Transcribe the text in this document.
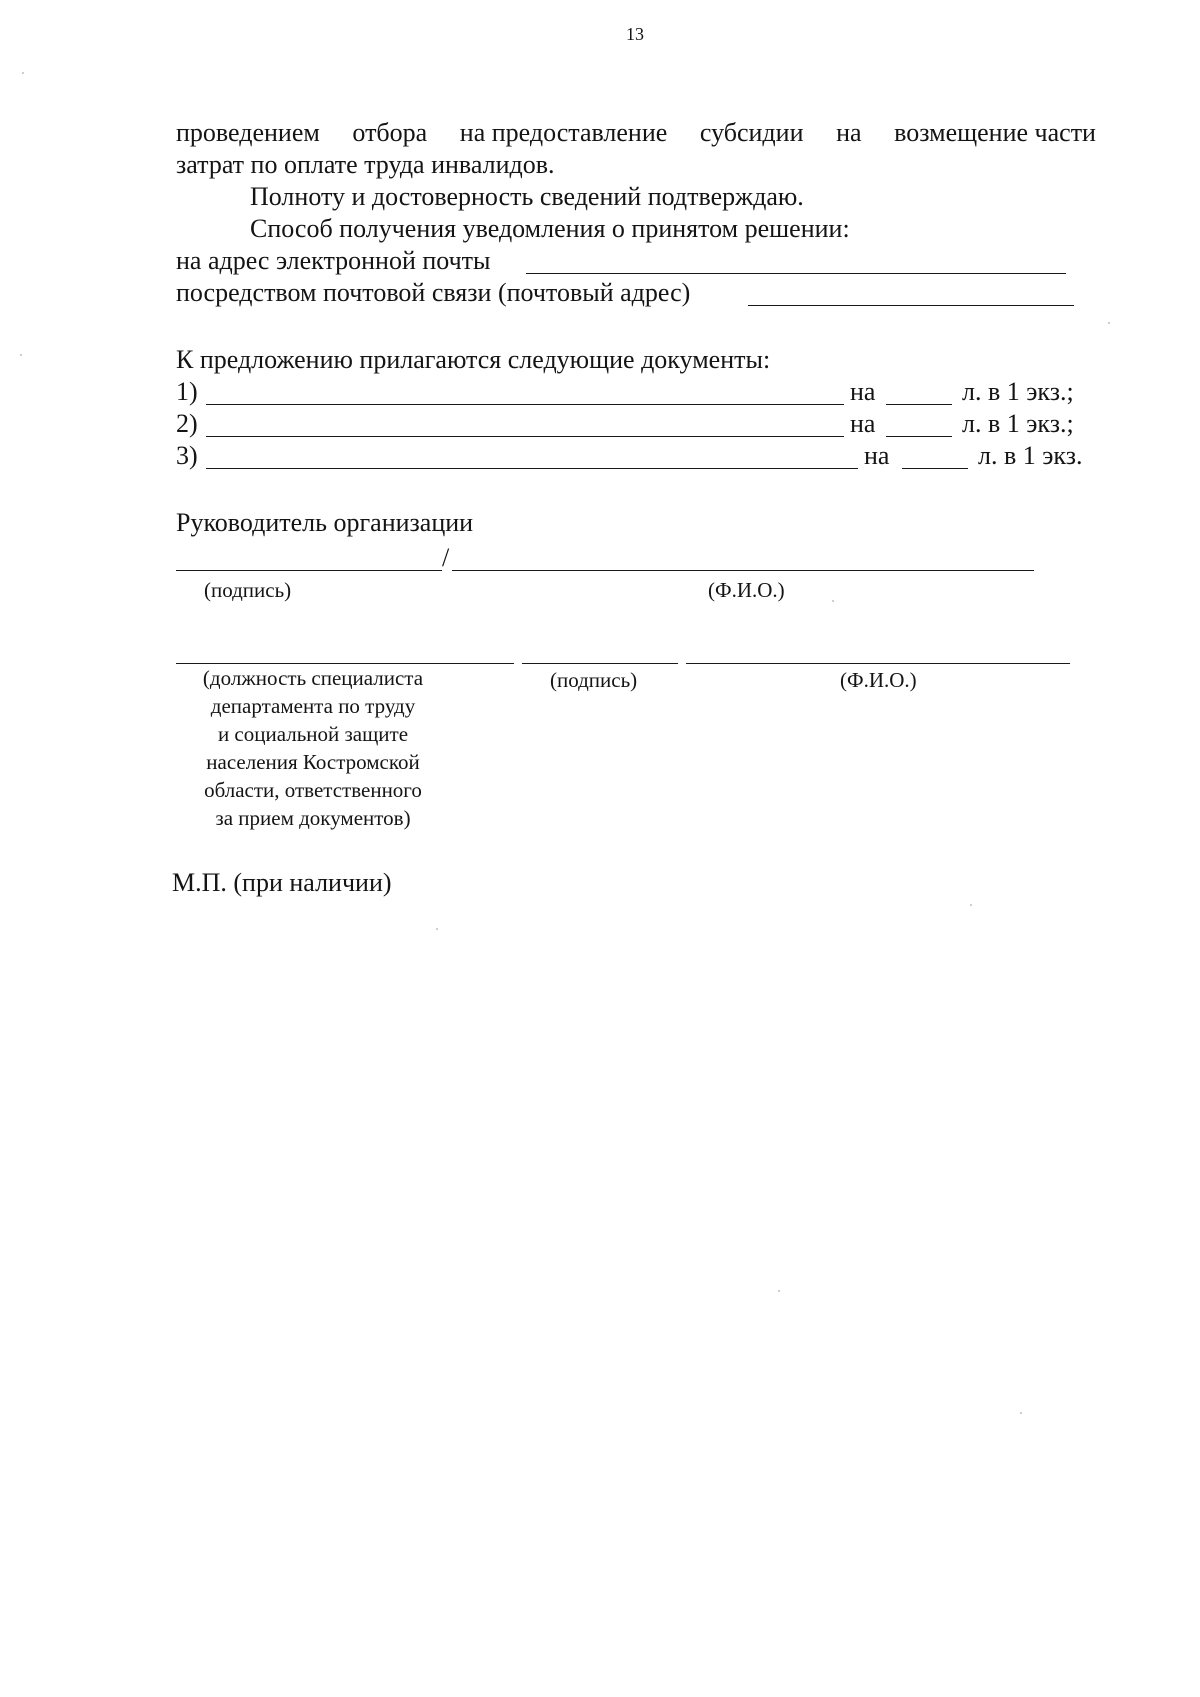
13
проведением отбора на предоставление субсидии на возмещение части
затрат по оплате труда инвалидов.
Полноту и достоверность сведений подтверждаю.
Способ получения уведомления о принятом решении:
на адрес электронной почты
посредством почтовой связи (почтовый адрес)
К предложению прилагаются следующие документы:
1)	на	л. в 1 экз.;
2)	на	л. в 1 экз.;
3)	на	л. в 1 экз.
Руководитель организации
/
(подпись)	(Ф.И.О.)
(должность специалиста
департамента по труду
и социальной защите
населения Костромской
области, ответственного
за прием документов)
(подпись)	(Ф.И.О.)
М.П. (при наличии)
